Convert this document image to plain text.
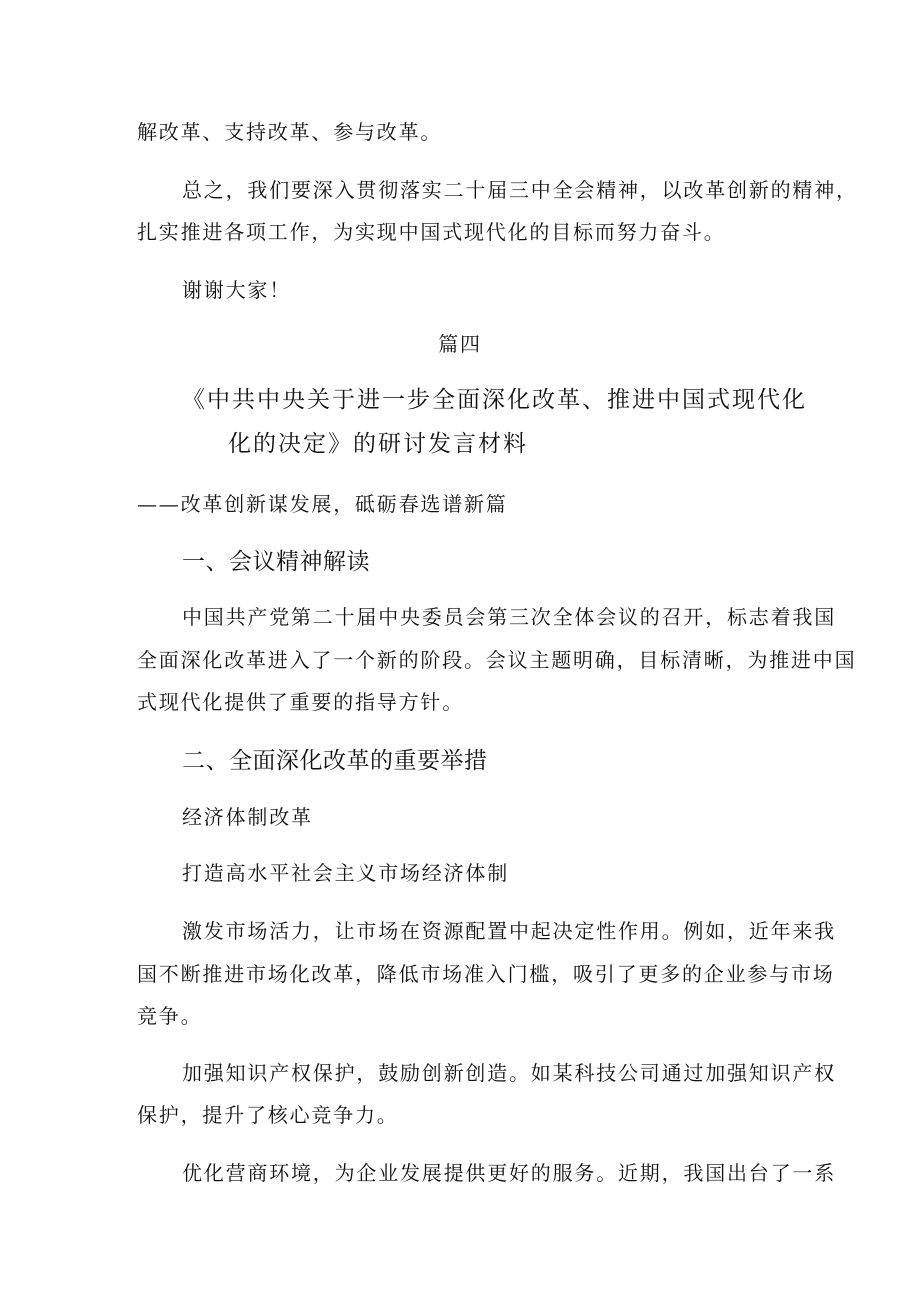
解改革、支持改革、参与改革。
总之，我们要深入贯彻落实二十届三中全会精神，以改革创新的精神，
扎实推进各项工作，为实现中国式现代化的目标而努力奋斗。
谢谢大家！
篇四
《中共中央关于进一步全面深化改革、推进中国式现代化
化的决定》的研讨发言材料
——改革创新谋发展，砥砺春选谱新篇
一、会议精神解读
中国共产党第二十届中央委员会第三次全体会议的召开，标志着我国
全面深化改革进入了一个新的阶段。会议主题明确，目标清晰，为推进中国
式现代化提供了重要的指导方针。
二、全面深化改革的重要举措
经济体制改革
打造高水平社会主义市场经济体制
激发市场活力，让市场在资源配置中起决定性作用。例如，近年来我
国不断推进市场化改革，降低市场准入门槛，吸引了更多的企业参与市场
竞争。
加强知识产权保护，鼓励创新创造。如某科技公司通过加强知识产权
保护，提升了核心竞争力。
优化营商环境，为企业发展提供更好的服务。近期，我国出台了一系
